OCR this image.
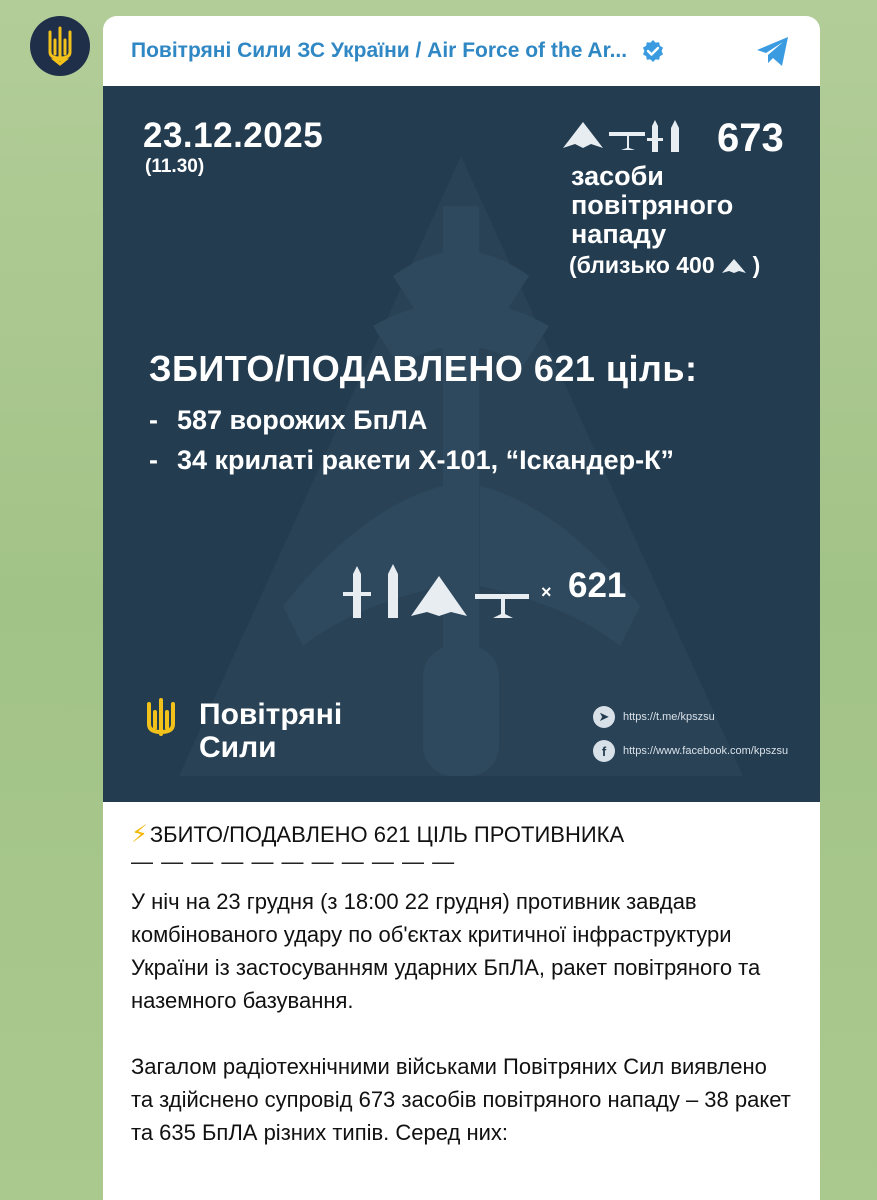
Повітряні Сили ЗС України / Air Force of the Ar...
23.12.2025
(11.30)
673
засоби
повітряного
нападу
(близько 400 )
ЗБИТО/ПОДАВЛЕНО 621 ціль:
- 587 ворожих БпЛА
- 34 крилаті ракети Х-101, “Іскандер-К”
× 621
Повітряні
Сили
➤	https://t.me/kpszsu
f	https://www.facebook.com/kpszsu
⚡ ЗБИТО/ПОДАВЛЕНО 621 ЦІЛЬ ПРОТИВНИКА
— — — — — — — — — — —

У ніч на 23 грудня (з 18:00 22 грудня) противник завдав комбінованого удару по об'єктах критичної інфраструктури України із застосуванням ударних БпЛА, ракет повітряного та наземного базування.

Загалом радіотехнічними військами Повітряних Сил виявлено та здійснено супровід 673 засобів повітряного нападу – 38 ракет та 635 БпЛА різних типів. Серед них:
